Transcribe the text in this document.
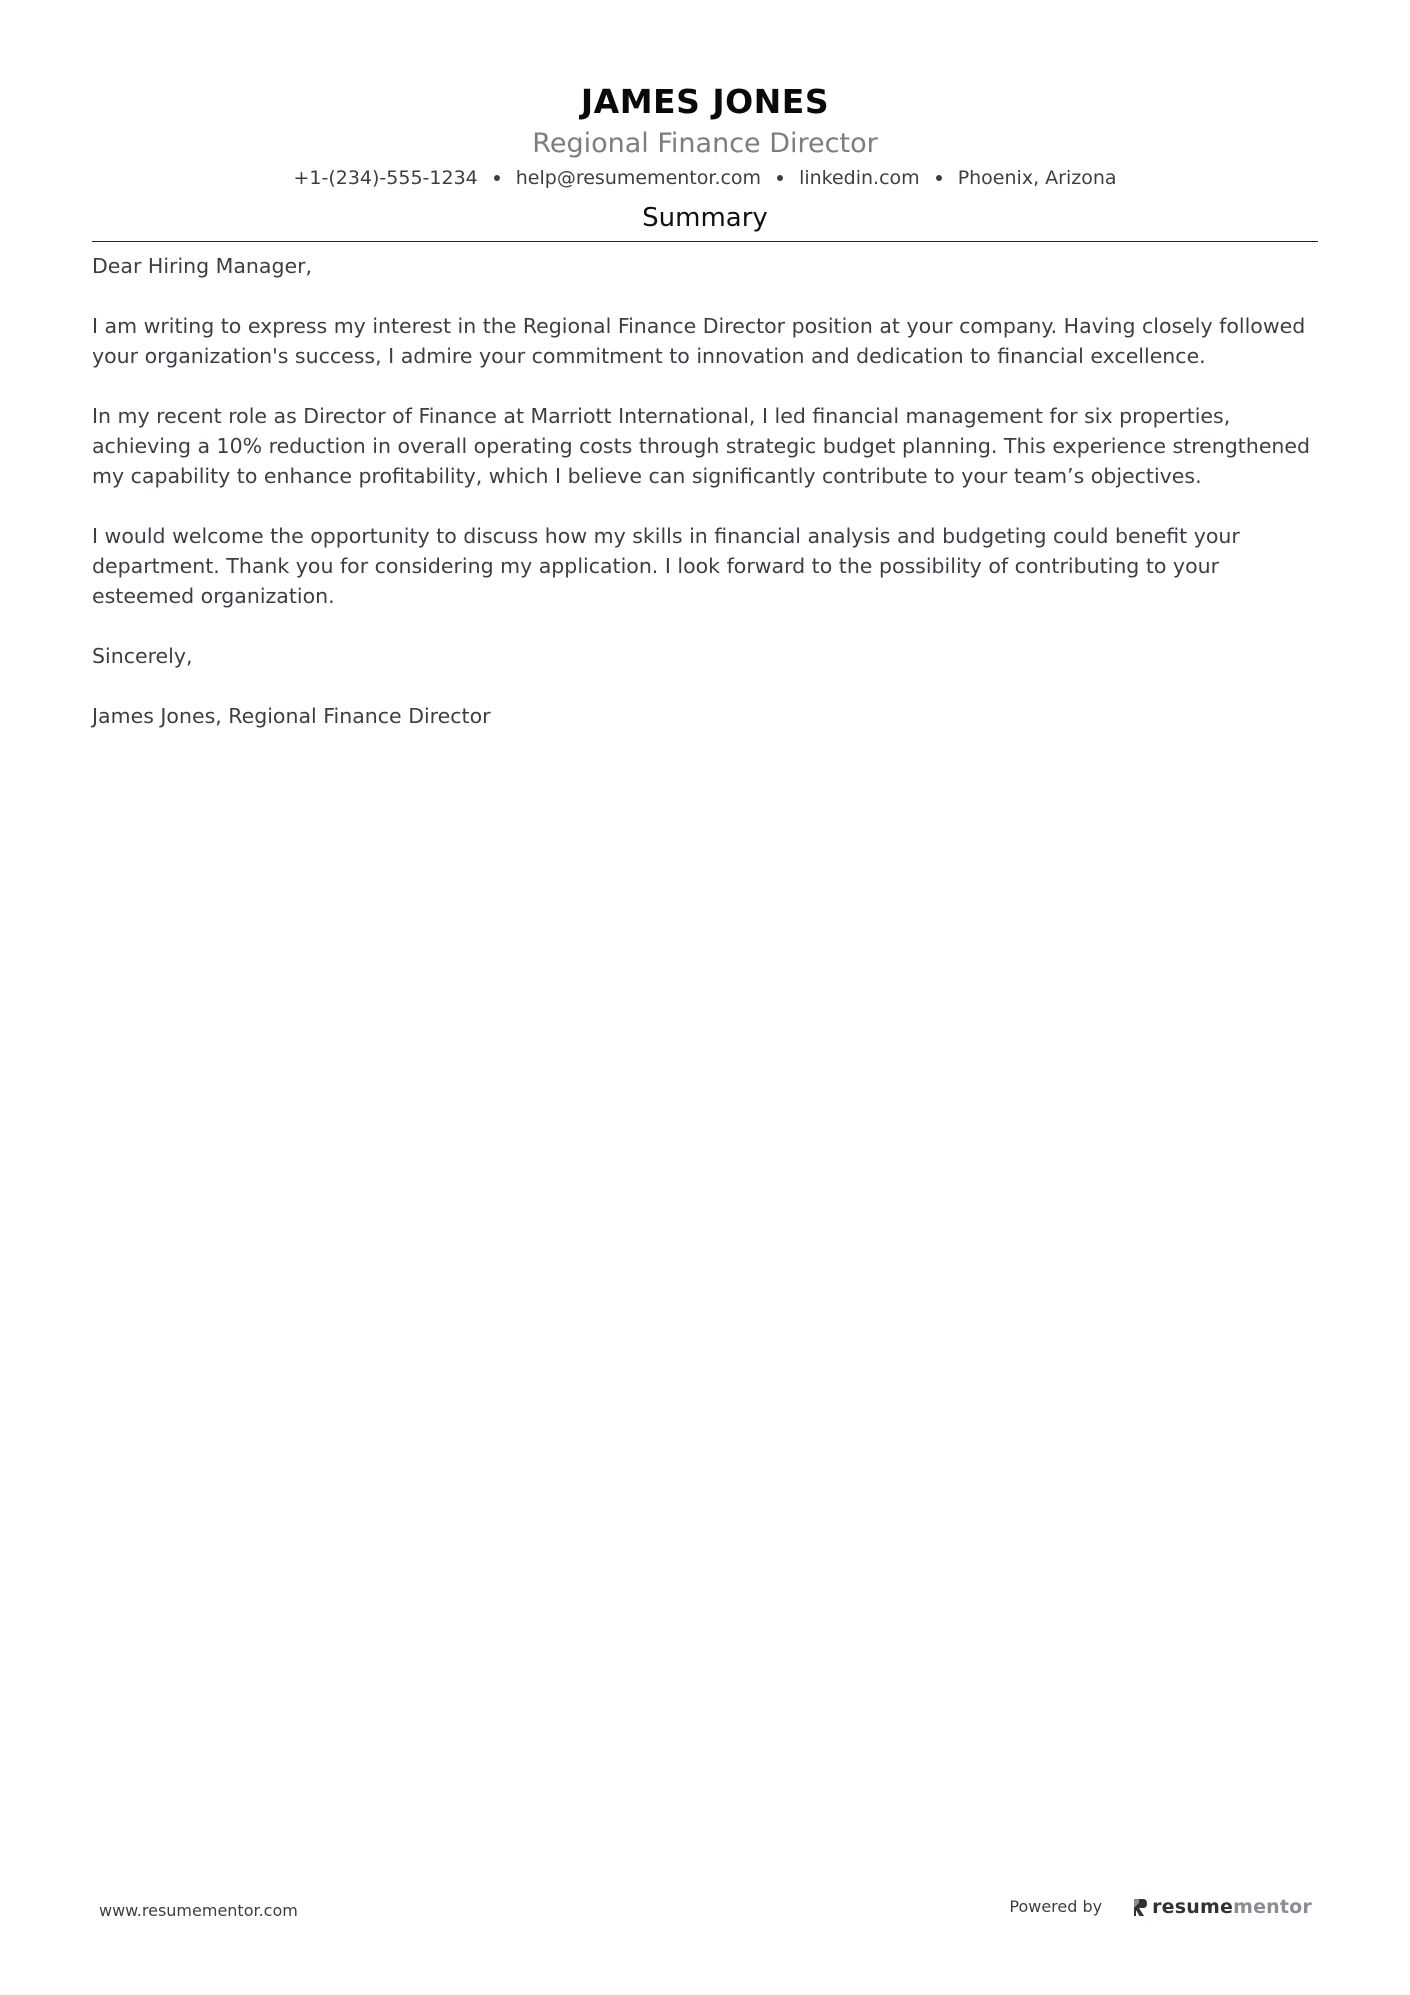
JAMES JONES
Regional Finance Director
+1-(234)-555-1234 help@resumementor.com linkedin.com Phoenix, Arizona
Summary

Dear Hiring Manager,

I am writing to express my interest in the Regional Finance Director position at your company. Having closely followed your organization's success, I admire your commitment to innovation and dedication to financial excellence.

In my recent role as Director of Finance at Marriott International, I led financial management for six properties, achieving a 10% reduction in overall operating costs through strategic budget planning. This experience strengthened my capability to enhance profitability, which I believe can significantly contribute to your team’s objectives.

I would welcome the opportunity to discuss how my skills in financial analysis and budgeting could benefit your department. Thank you for considering my application. I look forward to the possibility of contributing to your esteemed organization.

Sincerely,

James Jones, Regional Finance Director

www.resumementor.com	Powered by	resume mentor
